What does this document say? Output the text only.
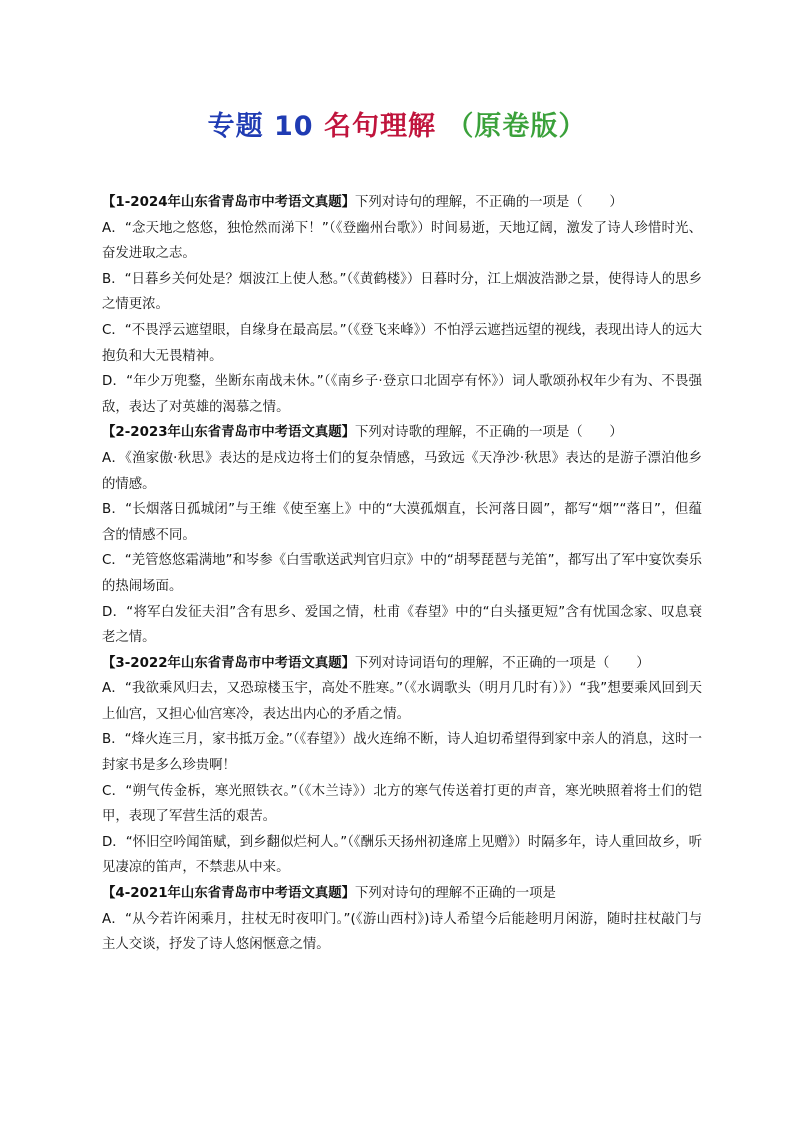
专题 10 名句理解 （原卷版）
【1-2024年山东省青岛市中考语文真题】下列对诗句的理解，不正确的一项是（　　）
A．“念天地之悠悠，独怆然而涕下！”（《登幽州台歌》）时间易逝，天地辽阔，激发了诗人珍惜时光、奋发进取之志。
B．“日暮乡关何处是？烟波江上使人愁。”（《黄鹤楼》）日暮时分，江上烟波浩渺之景，使得诗人的思乡之情更浓。
C．“不畏浮云遮望眼，自缘身在最高层。”（《登飞来峰》）不怕浮云遮挡远望的视线，表现出诗人的远大抱负和大无畏精神。
D．“年少万兜鍪，坐断东南战未休。”（《南乡子·登京口北固亭有怀》）词人歌颂孙权年少有为、不畏强敌，表达了对英雄的渴慕之情。
【2-2023年山东省青岛市中考语文真题】下列对诗歌的理解，不正确的一项是（　　）
A．《渔家傲·秋思》表达的是戍边将士们的复杂情感，马致远《天净沙·秋思》表达的是游子漂泊他乡的情感。
B．“长烟落日孤城闭”与王维《使至塞上》中的“大漠孤烟直，长河落日圆”，都写“烟”“落日”，但蕴含的情感不同。
C．“羌管悠悠霜满地”和岑参《白雪歌送武判官归京》中的“胡琴琵琶与羌笛”，都写出了军中宴饮奏乐的热闹场面。
D．“将军白发征夫泪”含有思乡、爱国之情，杜甫《春望》中的“白头搔更短”含有忧国念家、叹息衰老之情。
【3-2022年山东省青岛市中考语文真题】下列对诗词语句的理解，不正确的一项是（　　）
A．“我欲乘风归去，又恐琼楼玉宇，高处不胜寒。”（《水调歌头（明月几时有）》）“我”想要乘风回到天上仙宫，又担心仙宫寒冷，表达出内心的矛盾之情。
B．“烽火连三月，家书抵万金。”（《春望》）战火连绵不断，诗人迫切希望得到家中亲人的消息，这时一封家书是多么珍贵啊！
C．“朔气传金柝，寒光照铁衣。”（《木兰诗》）北方的寒气传送着打更的声音，寒光映照着将士们的铠甲，表现了军营生活的艰苦。
D．“怀旧空吟闻笛赋，到乡翻似烂柯人。”（《酬乐天扬州初逢席上见赠》）时隔多年，诗人重回故乡，听见凄凉的笛声，不禁悲从中来。
【4-2021年山东省青岛市中考语文真题】下列对诗句的理解不正确的一项是
A．“从今若许闲乘月，拄杖无时夜叩门。”(《游山西村》)诗人希望今后能趁明月闲游，随时拄杖敲门与主人交谈，抒发了诗人悠闲惬意之情。
